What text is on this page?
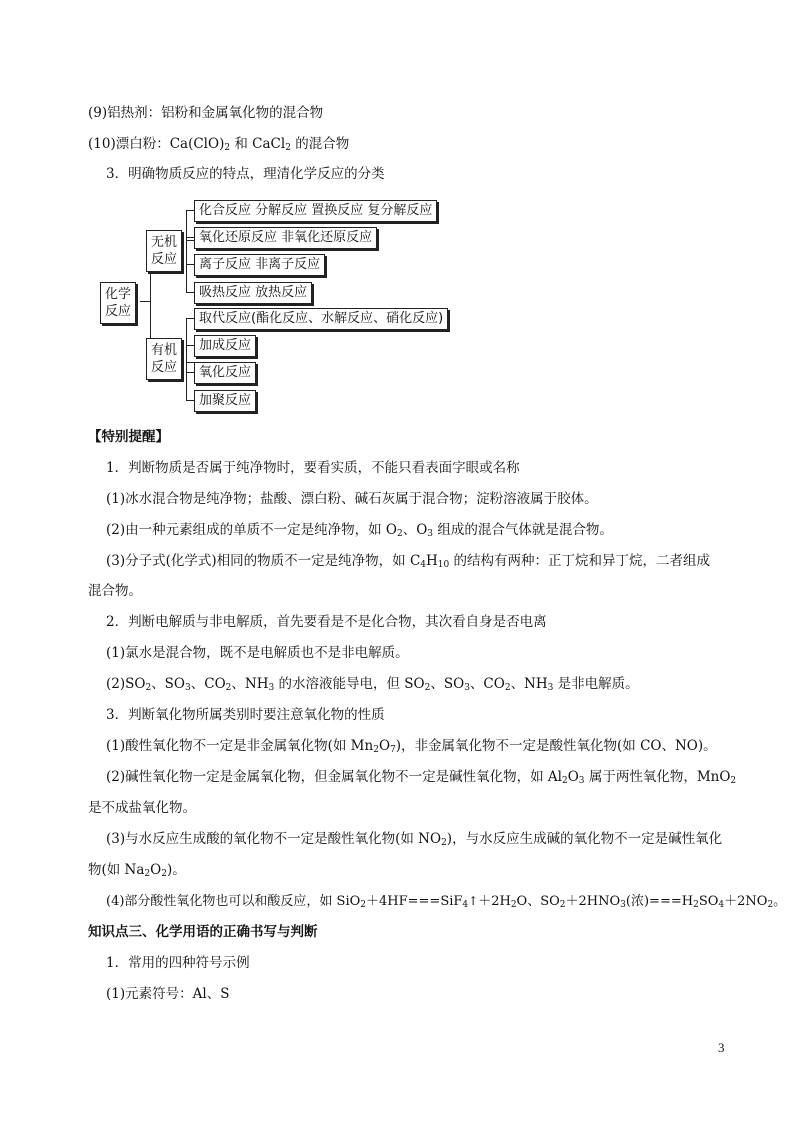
(9)铝热剂：铝粉和金属氧化物的混合物
(10)漂白粉：$Ca(ClO)_2$ 和 CaCl$_2$ 的混合物
3．明确物质反应的特点，理清化学反应的分类
化学
反应
无机
反应
有机
反应
化合反应 分解反应 置换反应 复分解反应
氧化还原反应 非氧化还原反应
离子反应 非离子反应
吸热反应 放热反应
取代反应(酯化反应、水解反应、硝化反应)
加成反应
氧化反应
加聚反应
【特别提醒】
1．判断物质是否属于纯净物时，要看实质，不能只看表面字眼或名称
(1)冰水混合物是纯净物；盐酸、漂白粉、碱石灰属于混合物；淀粉溶液属于胶体。
(2)由一种元素组成的单质不一定是纯净物，如 $O_2$、$O_3$ 组成的混合气体就是混合物。
(3)分子式(化学式)相同的物质不一定是纯净物，如 $C_4H_{10}$ 的结构有两种：正丁烷和异丁烷，二者组成
混合物。
2．判断电解质与非电解质，首先要看是不是化合物，其次看自身是否电离
(1)氯水是混合物，既不是电解质也不是非电解质。
$(2)SO_2$、$SO_3$、$CO_2$、$NH_3$ 的水溶液能导电，但 $SO_2$、$SO_3$、$CO_2$、$NH_3$ 是非电解质。
3．判断氧化物所属类别时要注意氧化物的性质
(1)酸性氧化物不一定是非金属氧化物(如 $Mn_2O_7$)，非金属氧化物不一定是酸性氧化物(如 CO、NO)。
(2)碱性氧化物一定是金属氧化物，但金属氧化物不一定是碱性氧化物，如 $Al_2O_3$ 属于两性氧化物，MnO$_2$
是不成盐氧化物。
(3)与水反应生成酸的氧化物不一定是酸性氧化物(如 $NO_2$)，与水反应生成碱的氧化物不一定是碱性氧化
物(如 $Na_2O_2$)。
(4)部分酸性氧化物也可以和酸反应，如 $SiO_2+4HF===SiF_4↑+2H_2O$、$SO_2+2HNO_3$(浓)$===H_2SO_4+2NO_2$。
知识点三、化学用语的正确书写与判断
1．常用的四种符号示例
(1)元素符号：Al、S
3
